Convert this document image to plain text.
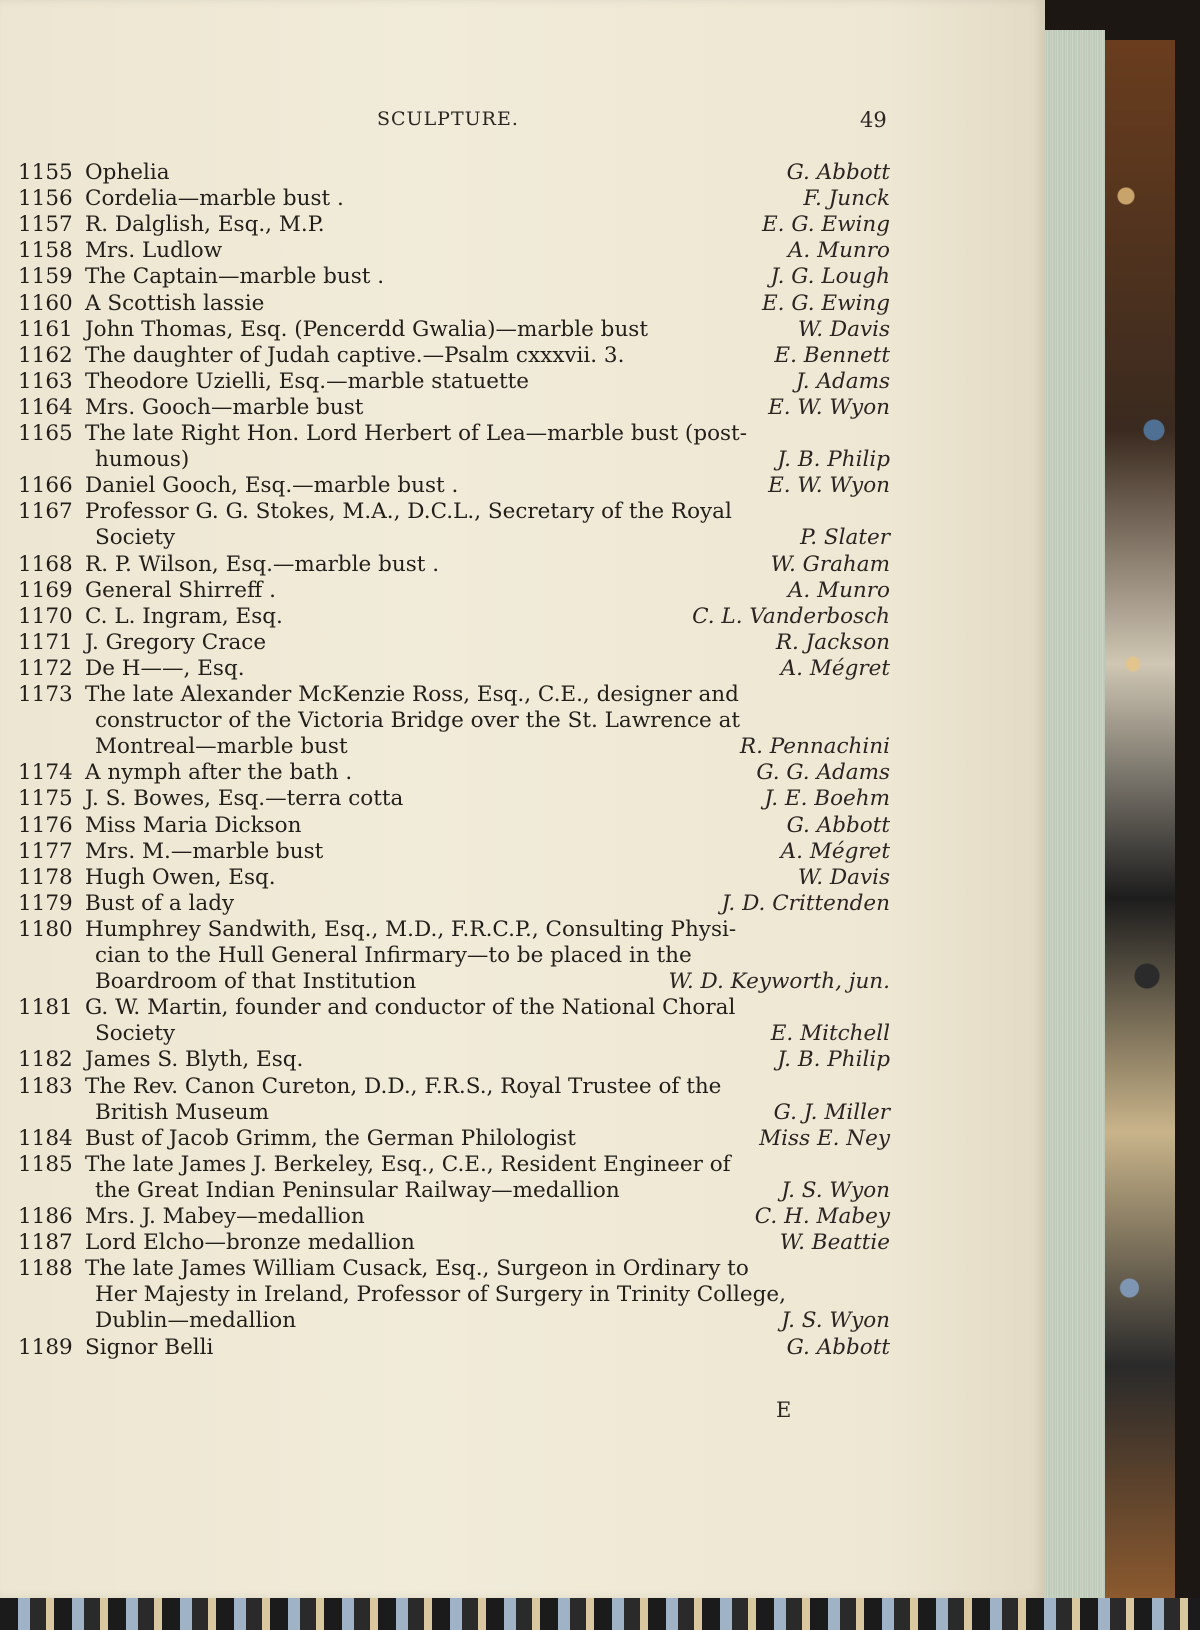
SCULPTURE.	49
1155 Ophelia	G. Abbott
1156 Cordelia—marble bust .	F. Junck
1157 R. Dalglish, Esq., M.P.	E. G. Ewing
1158 Mrs. Ludlow	A. Munro
1159 The Captain—marble bust .	J. G. Lough
1160 A Scottish lassie	E. G. Ewing
1161 John Thomas, Esq. (Pencerdd Gwalia)—marble bust	W. Davis
1162 The daughter of Judah captive.—Psalm cxxxvii. 3.	E. Bennett
1163 Theodore Uzielli, Esq.—marble statuette	J. Adams
1164 Mrs. Gooch—marble bust	E. W. Wyon
1165 The late Right Hon. Lord Herbert of Lea—marble bust (post-
humous)	J. B. Philip
1166 Daniel Gooch, Esq.—marble bust .	E. W. Wyon
1167 Professor G. G. Stokes, M.A., D.C.L., Secretary of the Royal
Society	P. Slater
1168 R. P. Wilson, Esq.—marble bust .	W. Graham
1169 General Shirreff .	A. Munro
1170 C. L. Ingram, Esq.	C. L. Vanderbosch
1171 J. Gregory Crace	R. Jackson
1172 De H——, Esq.	A. Mégret
1173 The late Alexander McKenzie Ross, Esq., C.E., designer and
constructor of the Victoria Bridge over the St. Lawrence at
Montreal—marble bust	R. Pennachini
1174 A nymph after the bath .	G. G. Adams
1175 J. S. Bowes, Esq.—terra cotta	J. E. Boehm
1176 Miss Maria Dickson	G. Abbott
1177 Mrs. M.—marble bust	A. Mégret
1178 Hugh Owen, Esq.	W. Davis
1179 Bust of a lady	J. D. Crittenden
1180 Humphrey Sandwith, Esq., M.D., F.R.C.P., Consulting Physi-
cian to the Hull General Infirmary—to be placed in the
Boardroom of that Institution	W. D. Keyworth, jun.
1181 G. W. Martin, founder and conductor of the National Choral
Society	E. Mitchell
1182 James S. Blyth, Esq.	J. B. Philip
1183 The Rev. Canon Cureton, D.D., F.R.S., Royal Trustee of the
British Museum	G. J. Miller
1184 Bust of Jacob Grimm, the German Philologist	Miss E. Ney
1185 The late James J. Berkeley, Esq., C.E., Resident Engineer of
the Great Indian Peninsular Railway—medallion	J. S. Wyon
1186 Mrs. J. Mabey—medallion	C. H. Mabey
1187 Lord Elcho—bronze medallion	W. Beattie
1188 The late James William Cusack, Esq., Surgeon in Ordinary to
Her Majesty in Ireland, Professor of Surgery in Trinity College,
Dublin—medallion	J. S. Wyon
1189 Signor Belli	G. Abbott
E
